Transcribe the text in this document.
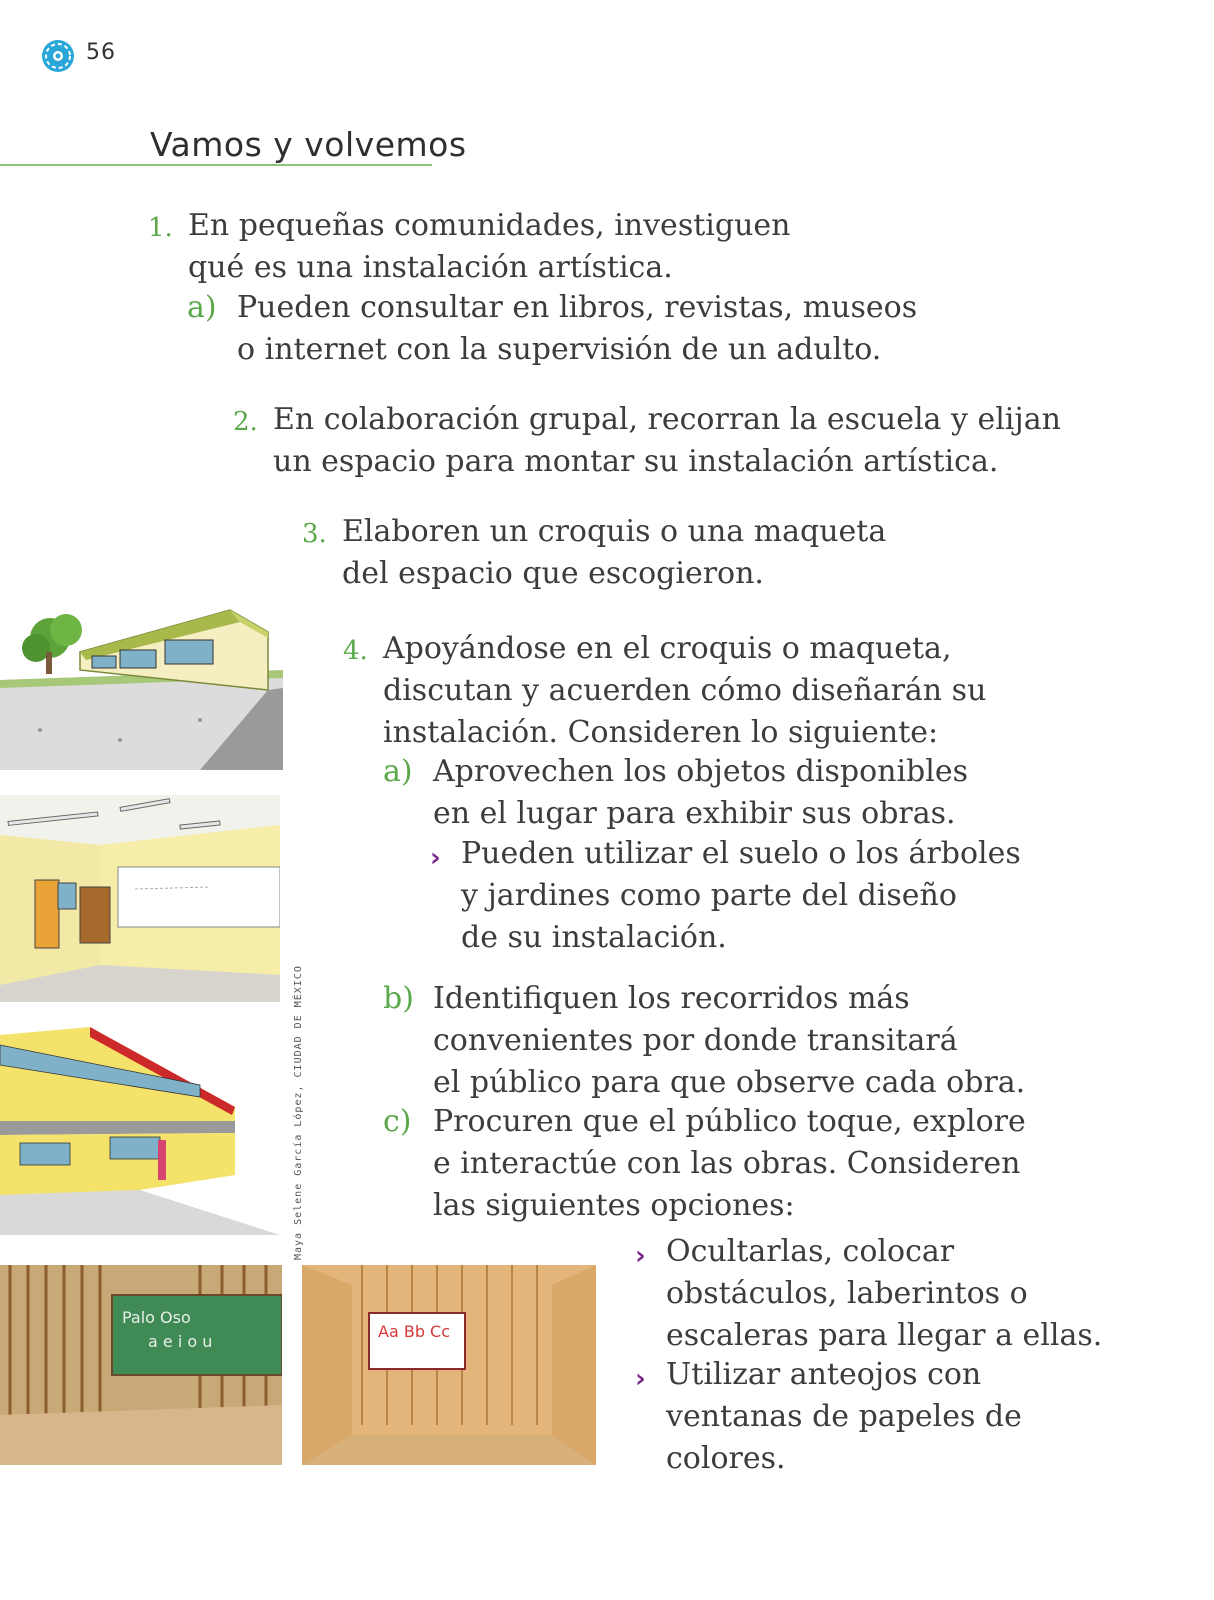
56
Vamos y volvemos
1. En pequeñas comunidades, investiguen
qué es una instalación artística.
a) Pueden consultar en libros, revistas, museos
o internet con la supervisión de un adulto.
2. En colaboración grupal, recorran la escuela y elijan
un espacio para montar su instalación artística.
3. Elaboren un croquis o una maqueta
del espacio que escogieron.
4. Apoyándose en el croquis o maqueta,
discutan y acuerden cómo diseñarán su
instalación. Consideren lo siguiente:
a) Aprovechen los objetos disponibles
en el lugar para exhibir sus obras.
› Pueden utilizar el suelo o los árboles
y jardines como parte del diseño
de su instalación.
b) Identifiquen los recorridos más
convenientes por donde transitará
el público para que observe cada obra.
c) Procuren que el público toque, explore
e interactúe con las obras. Consideren
las siguientes opciones:
› Ocultarlas, colocar
obstáculos, laberintos o
escaleras para llegar a ellas.
› Utilizar anteojos con
ventanas de papeles de
colores.
Maya Selene García López, CIUDAD DE MÉXICO
Palo Oso
a e i o u
Aa Bb Cc
